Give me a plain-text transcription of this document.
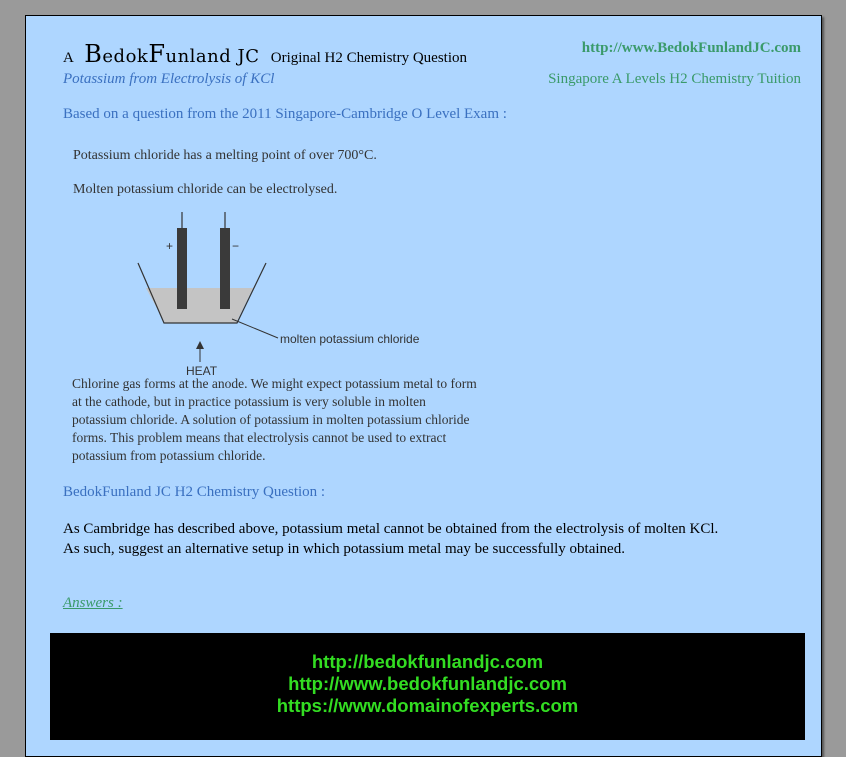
A BedokFunland JC Original H2 Chemistry Question
Potassium from Electrolysis of KCl
http://www.BedokFunlandJC.com
Singapore A Levels H2 Chemistry Tuition
Based on a question from the 2011 Singapore-Cambridge O Level Exam :
Potassium chloride has a melting point of over 700°C.
Molten potassium chloride can be electrolysed.
+	−
molten potassium chloride
HEAT
Chlorine gas forms at the anode. We might expect potassium metal to form at the cathode, but in practice potassium is very soluble in molten potassium chloride. A solution of potassium in molten potassium chloride forms. This problem means that electrolysis cannot be used to extract potassium from potassium chloride.
BedokFunland JC H2 Chemistry Question :
As Cambridge has described above, potassium metal cannot be obtained from the electrolysis of molten KCl.
As such, suggest an alternative setup in which potassium metal may be successfully obtained.
Answers :
http://bedokfunlandjc.com
http://www.bedokfunlandjc.com
https://www.domainofexperts.com
